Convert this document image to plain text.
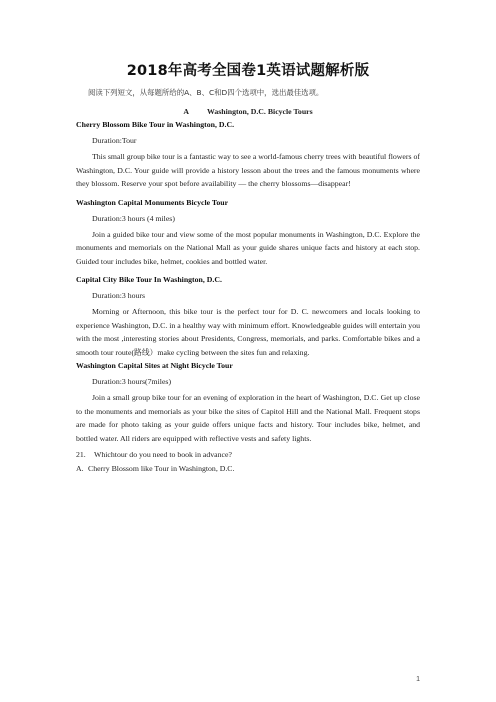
2018年高考全国卷1英语试题解析版
阅读下列短文，从每题所给的A、B、C和D四个选项中，选出最佳选项。
A Washington, D.C. Bicycle Tours
Cherry Blossom Bike Tour in Washington, D.C.
Duration:Tour
This small group bike tour is a fantastic way to see a world-famous cherry trees with beautiful flowers of Washington, D.C. Your guide will provide a history lesson about the trees and the famous monuments where they blossom. Reserve your spot before availability — the cherry blossoms—disappear!
Washington Capital Monuments Bicycle Tour
Duration:3 hours (4 miles)
Join a guided bike tour and view some of the most popular monuments in Washington, D.C. Explore the monuments and memorials on the National Mall as your guide shares unique facts and history at each stop. Guided tour includes bike, helmet, cookies and bottled water.
Capital City Bike Tour In Washington, D.C.
Duration:3 hours
Morning or Afternoon, this bike tour is the perfect tour for D. C. newcomers and locals looking to experience Washington, D.C. in a healthy way with minimum effort. Knowledgeable guides will entertain you with the most ,interesting stories about Presidents, Congress, memorials, and parks. Comfortable bikes and a smooth tour route(路线）make cycling between the sites fun and relaxing.
Washington Capital Sites at Night Bicycle Tour
Duration:3 hours(7miles)
Join a small group bike tour for an evening of exploration in the heart of Washington, D.C. Get up close to the monuments and memorials as your bike the sites of Capitol Hill and the National Mall. Frequent stops are made for photo taking as your guide offers unique facts and history. Tour includes bike, helmet, and bottled water. All riders are equipped with reflective vests and safety lights.
21. Whichtour do you need to book in advance?
A. Cherry Blossom like Tour in Washington, D.C.
1
